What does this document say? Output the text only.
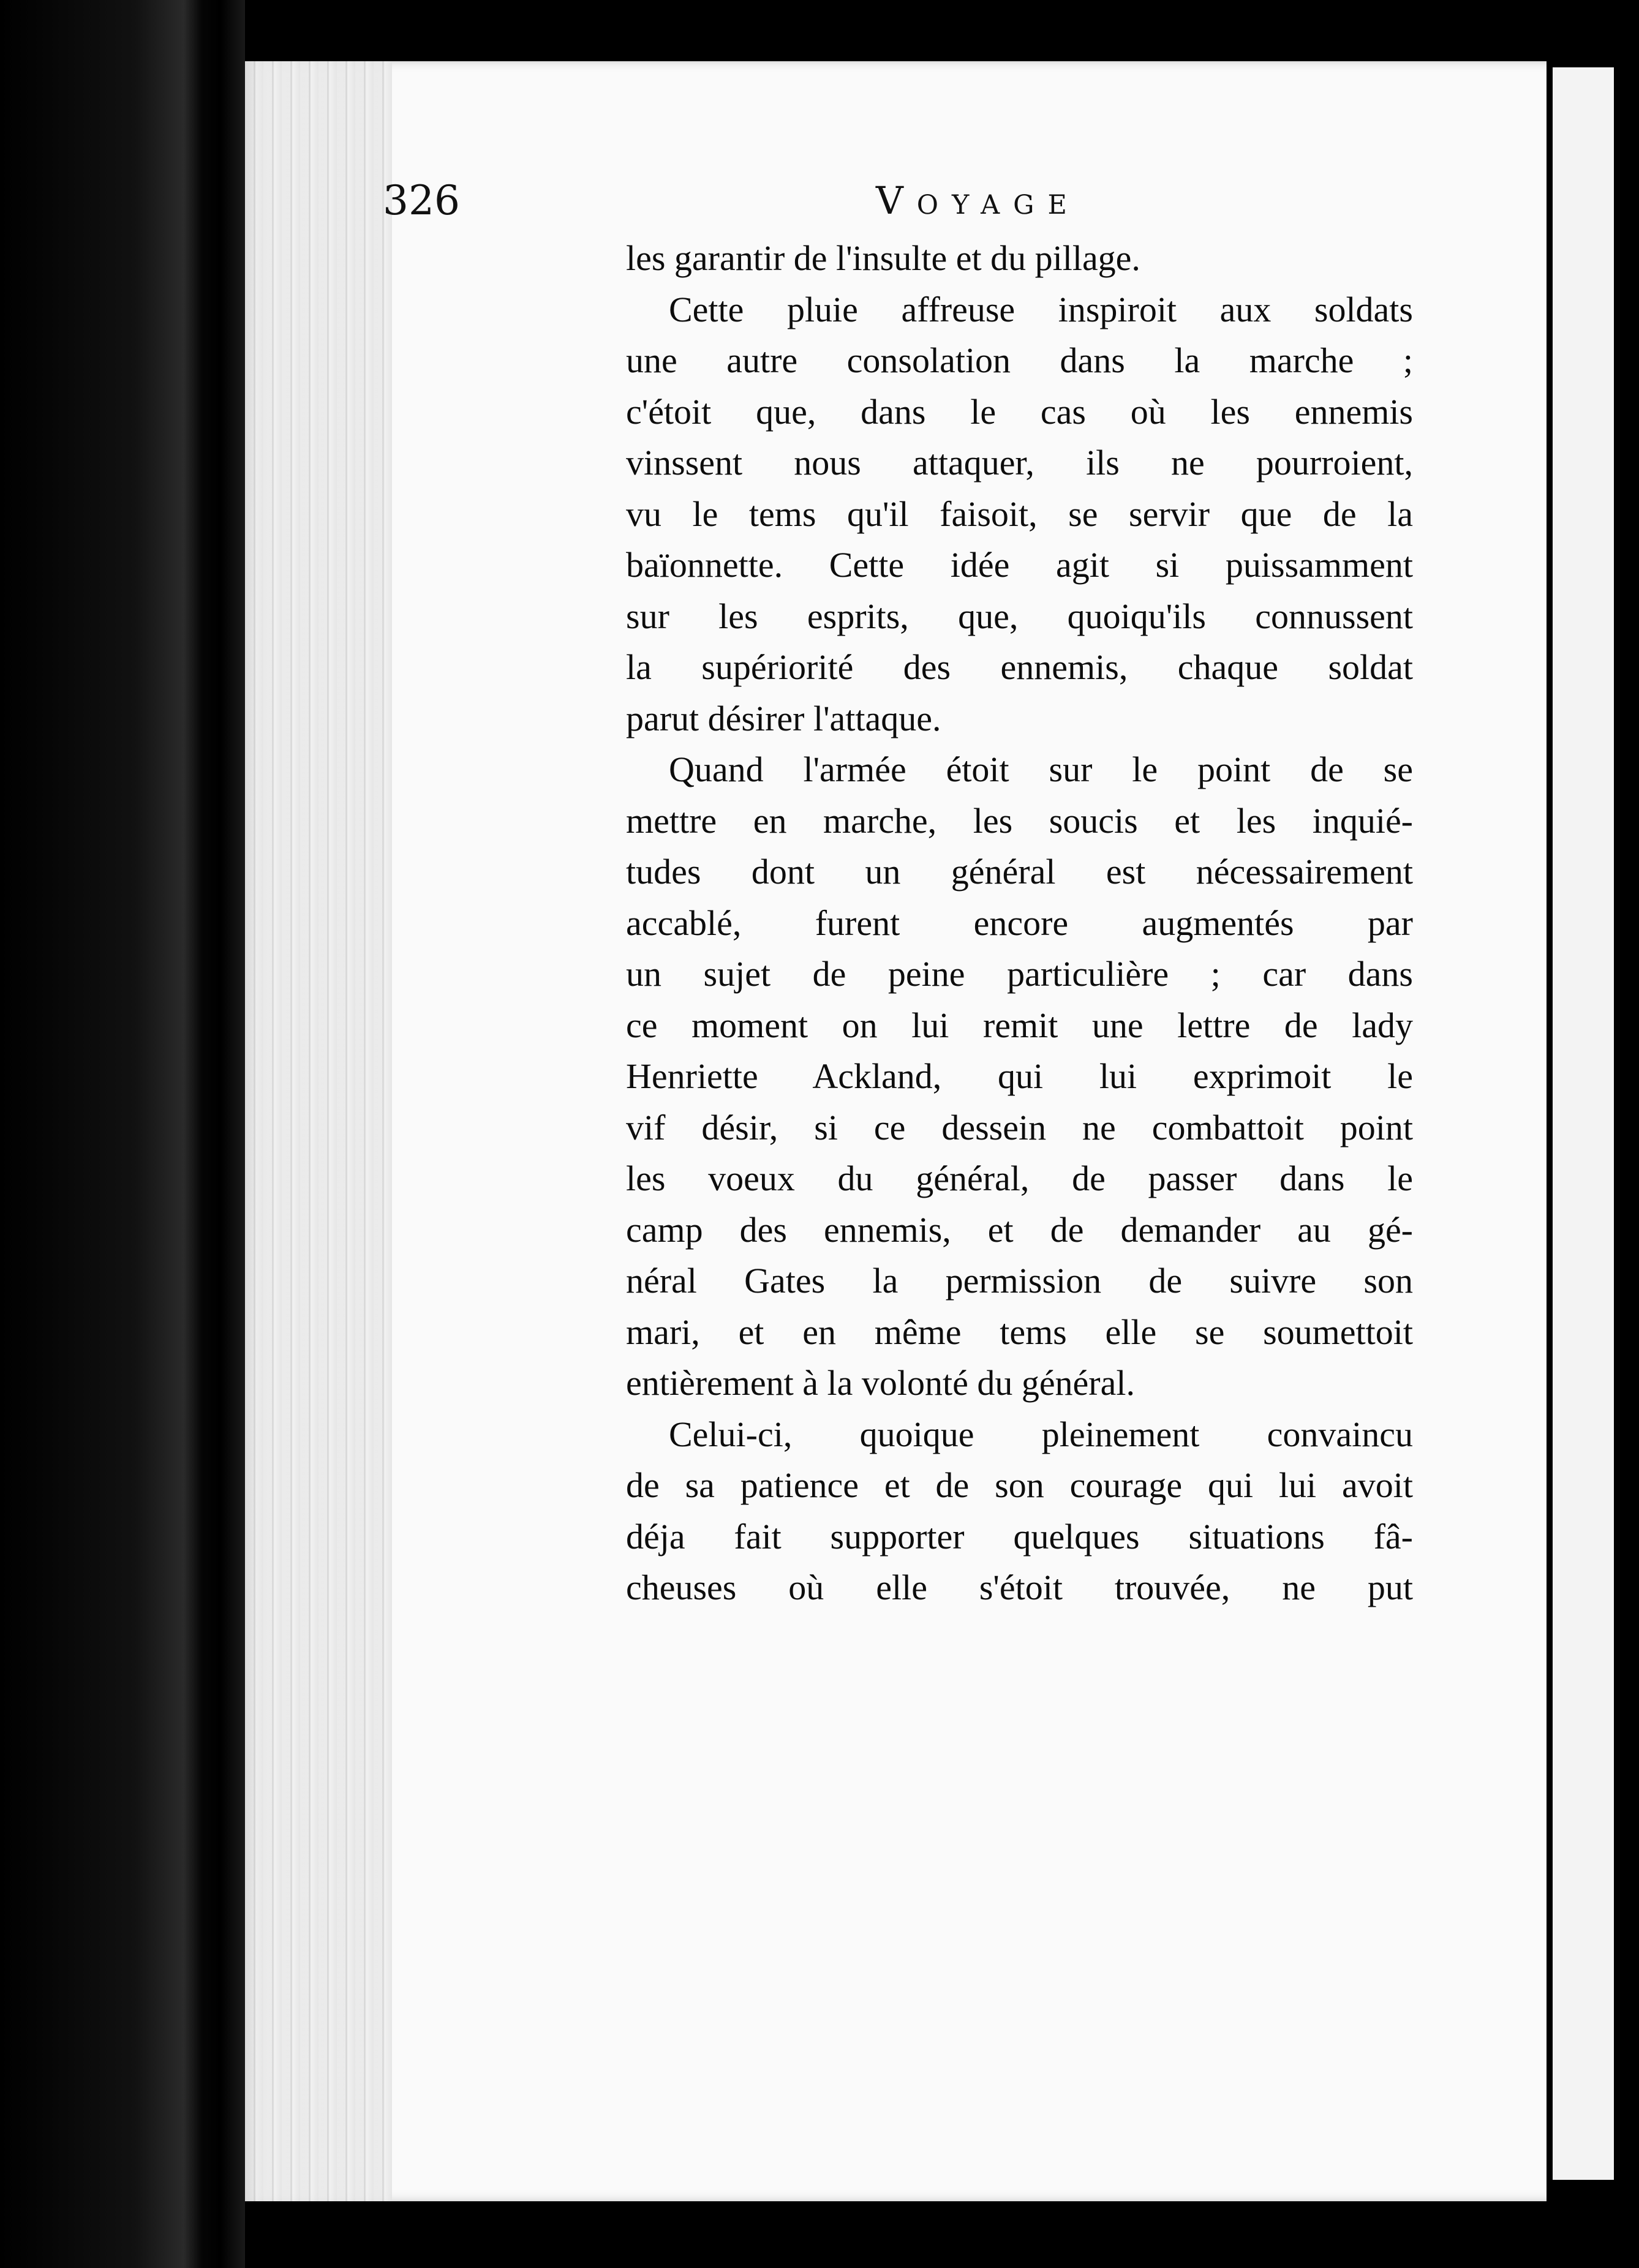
326	Voyage
les garantir de l'insulte et du pillage.
Cette pluie affreuse inspiroit aux soldats
une autre consolation dans la marche ;
c'étoit que, dans le cas où les ennemis
vinssent nous attaquer, ils ne pourroient,
vu le tems qu'il faisoit, se servir que de la
baïonnette. Cette idée agit si puissamment
sur les esprits, que, quoiqu'ils connussent
la supériorité des ennemis, chaque soldat
parut désirer l'attaque.
Quand l'armée étoit sur le point de se
mettre en marche, les soucis et les inquié-
tudes dont un général est nécessairement
accablé, furent encore augmentés par
un sujet de peine particulière ; car dans
ce moment on lui remit une lettre de lady
Henriette Ackland, qui lui exprimoit le
vif désir, si ce dessein ne combattoit point
les voeux du général, de passer dans le
camp des ennemis, et de demander au gé-
néral Gates la permission de suivre son
mari, et en même tems elle se soumettoit
entièrement à la volonté du général.
Celui-ci, quoique pleinement convaincu
de sa patience et de son courage qui lui avoit
déja fait supporter quelques situations fâ-
cheuses où elle s'étoit trouvée, ne put
